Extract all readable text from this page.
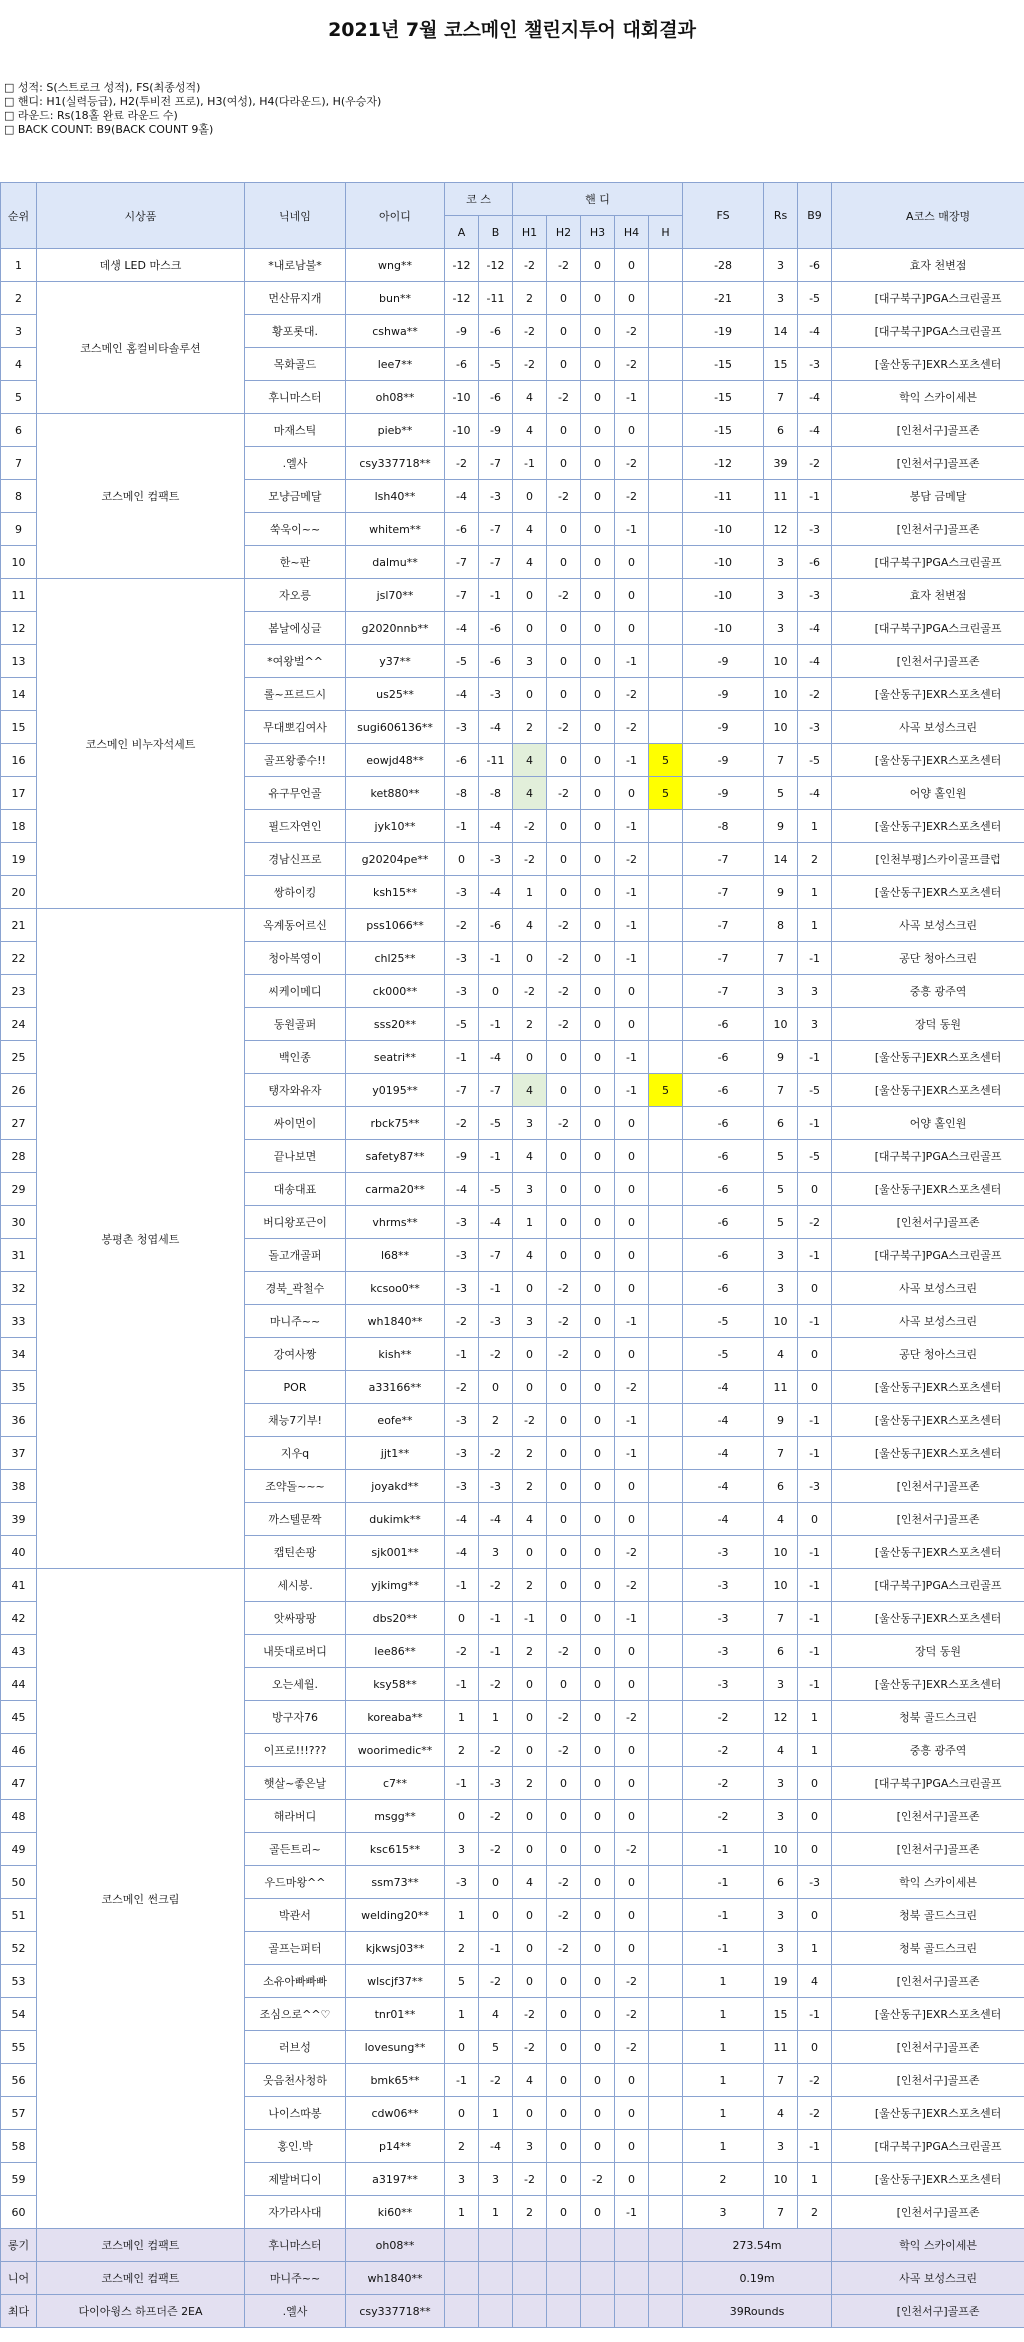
2021년 7월 코스메인 챌린지투어 대회결과
□ 성적: S(스트로크 성적), FS(최종성적)
□ 핸디: H1(실력등급), H2(투비전 프로), H3(여성), H4(다라운드), H(우승자)
□ 라운드: Rs(18홀 완료 라운드 수)
□ BACK COUNT: B9(BACK COUNT 9홀)
순위	시상품	닉네임	아이디	코 스		핸 디					FS	Rs	B9	A코스 매장명
				A	B	H1	H2	H3	H4	H				
1	데생 LED 마스크	*내로남불*	wng**	-12	-12	-2	-2	0	0		-28	3	-6	효자 천변점
2	코스메인 홈컬비타솔루션	먼산뮤지개	bun**	-12	-11	2	0	0	0		-21	3	-5	[대구북구]PGA스크린골프
3		황포롯대.	cshwa**	-9	-6	-2	0	0	-2		-19	14	-4	[대구북구]PGA스크린골프
4		목화골드	lee7**	-6	-5	-2	0	0	-2		-15	15	-3	[울산동구]EXR스포츠센터
5		후니마스터	oh08**	-10	-6	4	-2	0	-1		-15	7	-4	학익 스카이세븐
6	코스메인 컴팩트	마재스틱	pieb**	-10	-9	4	0	0	0		-15	6	-4	[인천서구]골프존
7		.엘사	csy337718**	-2	-7	-1	0	0	-2		-12	39	-2	[인천서구]골프존
8		모냥금메달	lsh40**	-4	-3	0	-2	0	-2		-11	11	-1	봉담 금메달
9		쑥욱이~~	whitem**	-6	-7	4	0	0	-1		-10	12	-3	[인천서구]골프존
10		한~판	dalmu**	-7	-7	4	0	0	0		-10	3	-6	[대구북구]PGA스크린골프
11	코스메인 비누자석세트	자오릉	jsl70**	-7	-1	0	-2	0	0		-10	3	-3	효자 천변점
12		봄날에싱글	g2020nnb**	-4	-6	0	0	0	0		-10	3	-4	[대구북구]PGA스크린골프
13		*여왕벌^^	y37**	-5	-6	3	0	0	-1		-9	10	-4	[인천서구]골프존
14		롤~프르드시	us25**	-4	-3	0	0	0	-2		-9	10	-2	[울산동구]EXR스포츠센터
15		무대뽀김여사	sugi606136**	-3	-4	2	-2	0	-2		-9	10	-3	사곡 보성스크린
16		골프왕좋수!!	eowjd48**	-6	-11	4	0	0	-1	5	-9	7	-5	[울산동구]EXR스포츠센터
17		유구무언골	ket880**	-8	-8	4	-2	0	0	5	-9	5	-4	어양 홀인원
18		필드자연인	jyk10**	-1	-4	-2	0	0	-1		-8	9	1	[울산동구]EXR스포츠센터
19		경남신프로	g20204pe**	0	-3	-2	0	0	-2		-7	14	2	[인천부평]스카이골프클럽
20		쌍하이킹	ksh15**	-3	-4	1	0	0	-1		-7	9	1	[울산동구]EXR스포츠센터
21	봉평촌 청엽세트	옥계동어르신	pss1066**	-2	-6	4	-2	0	-1		-7	8	1	사곡 보성스크린
22		청아복영이	chl25**	-3	-1	0	-2	0	-1		-7	7	-1	공단 청아스크린
23		씨케이메디	ck000**	-3	0	-2	-2	0	0		-7	3	3	중흥 광주역
24		동원골퍼	sss20**	-5	-1	2	-2	0	0		-6	10	3	장덕 동원
25		백인종	seatri**	-1	-4	0	0	0	-1		-6	9	-1	[울산동구]EXR스포츠센터
26		탱자와유자	y0195**	-7	-7	4	0	0	-1	5	-6	7	-5	[울산동구]EXR스포츠센터
27		싸이먼이	rbck75**	-2	-5	3	-2	0	0		-6	6	-1	어양 홀인원
28		끝나보면	safety87**	-9	-1	4	0	0	0		-6	5	-5	[대구북구]PGA스크린골프
29		대송대표	carma20**	-4	-5	3	0	0	0		-6	5	0	[울산동구]EXR스포츠센터
30		버디왕포근이	vhrms**	-3	-4	1	0	0	0		-6	5	-2	[인천서구]골프존
31		돌고개골퍼	l68**	-3	-7	4	0	0	0		-6	3	-1	[대구북구]PGA스크린골프
32		경북_곽철수	kcsoo0**	-3	-1	0	-2	0	0		-6	3	0	사곡 보성스크린
33		마니주~~	wh1840**	-2	-3	3	-2	0	-1		-5	10	-1	사곡 보성스크린
34		강여사짱	kish**	-1	-2	0	-2	0	0		-5	4	0	공단 청아스크린
35		POR	a33166**	-2	0	0	0	0	-2		-4	11	0	[울산동구]EXR스포츠센터
36		채능7기부!	eofe**	-3	2	-2	0	0	-1		-4	9	-1	[울산동구]EXR스포츠센터
37		지우q	jjt1**	-3	-2	2	0	0	-1		-4	7	-1	[울산동구]EXR스포츠센터
38		조약돌~~~	joyakd**	-3	-3	2	0	0	0		-4	6	-3	[인천서구]골프존
39		까스텔문짝	dukimk**	-4	-4	4	0	0	0		-4	4	0	[인천서구]골프존
40		캡틴손팡	sjk001**	-4	3	0	0	0	-2		-3	10	-1	[울산동구]EXR스포츠센터
41	코스메인 썬크림	세시봉.	yjkimg**	-1	-2	2	0	0	-2		-3	10	-1	[대구북구]PGA스크린골프
42		앗싸팡팡	dbs20**	0	-1	-1	0	0	-1		-3	7	-1	[울산동구]EXR스포츠센터
43		내뜻대로버디	lee86**	-2	-1	2	-2	0	0		-3	6	-1	장덕 동원
44		오는세월.	ksy58**	-1	-2	0	0	0	0		-3	3	-1	[울산동구]EXR스포츠센터
45		방구자76	koreaba**	1	1	0	-2	0	-2		-2	12	1	청북 골드스크린
46		이프로!!!???	woorimedic**	2	-2	0	-2	0	0		-2	4	1	중흥 광주역
47		햇살~좋은날	c7**	-1	-3	2	0	0	0		-2	3	0	[대구북구]PGA스크린골프
48		해라버디	msgg**	0	-2	0	0	0	0		-2	3	0	[인천서구]골프존
49		골든트리~	ksc615**	3	-2	0	0	0	-2		-1	10	0	[인천서구]골프존
50		우드마왕^^	ssm73**	-3	0	4	-2	0	0		-1	6	-3	학익 스카이세븐
51		박관서	welding20**	1	0	0	-2	0	0		-1	3	0	청북 골드스크린
52		골프는퍼터	kjkwsj03**	2	-1	0	-2	0	0		-1	3	1	청북 골드스크린
53		소유아빠빠빠	wlscjf37**	5	-2	0	0	0	-2		1	19	4	[인천서구]골프존
54		조심으로^^♡	tnr01**	1	4	-2	0	0	-2		1	15	-1	[울산동구]EXR스포츠센터
55		러브성	lovesung**	0	5	-2	0	0	-2		1	11	0	[인천서구]골프존
56		웃음천사청하	bmk65**	-1	-2	4	0	0	0		1	7	-2	[인천서구]골프존
57		나이스따봉	cdw06**	0	1	0	0	0	0		1	4	-2	[울산동구]EXR스포츠센터
58		홍인.박	p14**	2	-4	3	0	0	0		1	3	-1	[대구북구]PGA스크린골프
59		제발버디이	a3197**	3	3	-2	0	-2	0		2	10	1	[울산동구]EXR스포츠센터
60		자가라사대	ki60**	1	1	2	0	0	-1		3	7	2	[인천서구]골프존
롱기	코스메인 컴팩트	후니마스터	oh08**								273.54m			학익 스카이세븐
니어	코스메인 컴팩트	마니주~~	wh1840**								0.19m			사곡 보성스크린
최다	다이아윙스 하프더즌 2EA	.엘사	csy337718**								39Rounds			[인천서구]골프존
